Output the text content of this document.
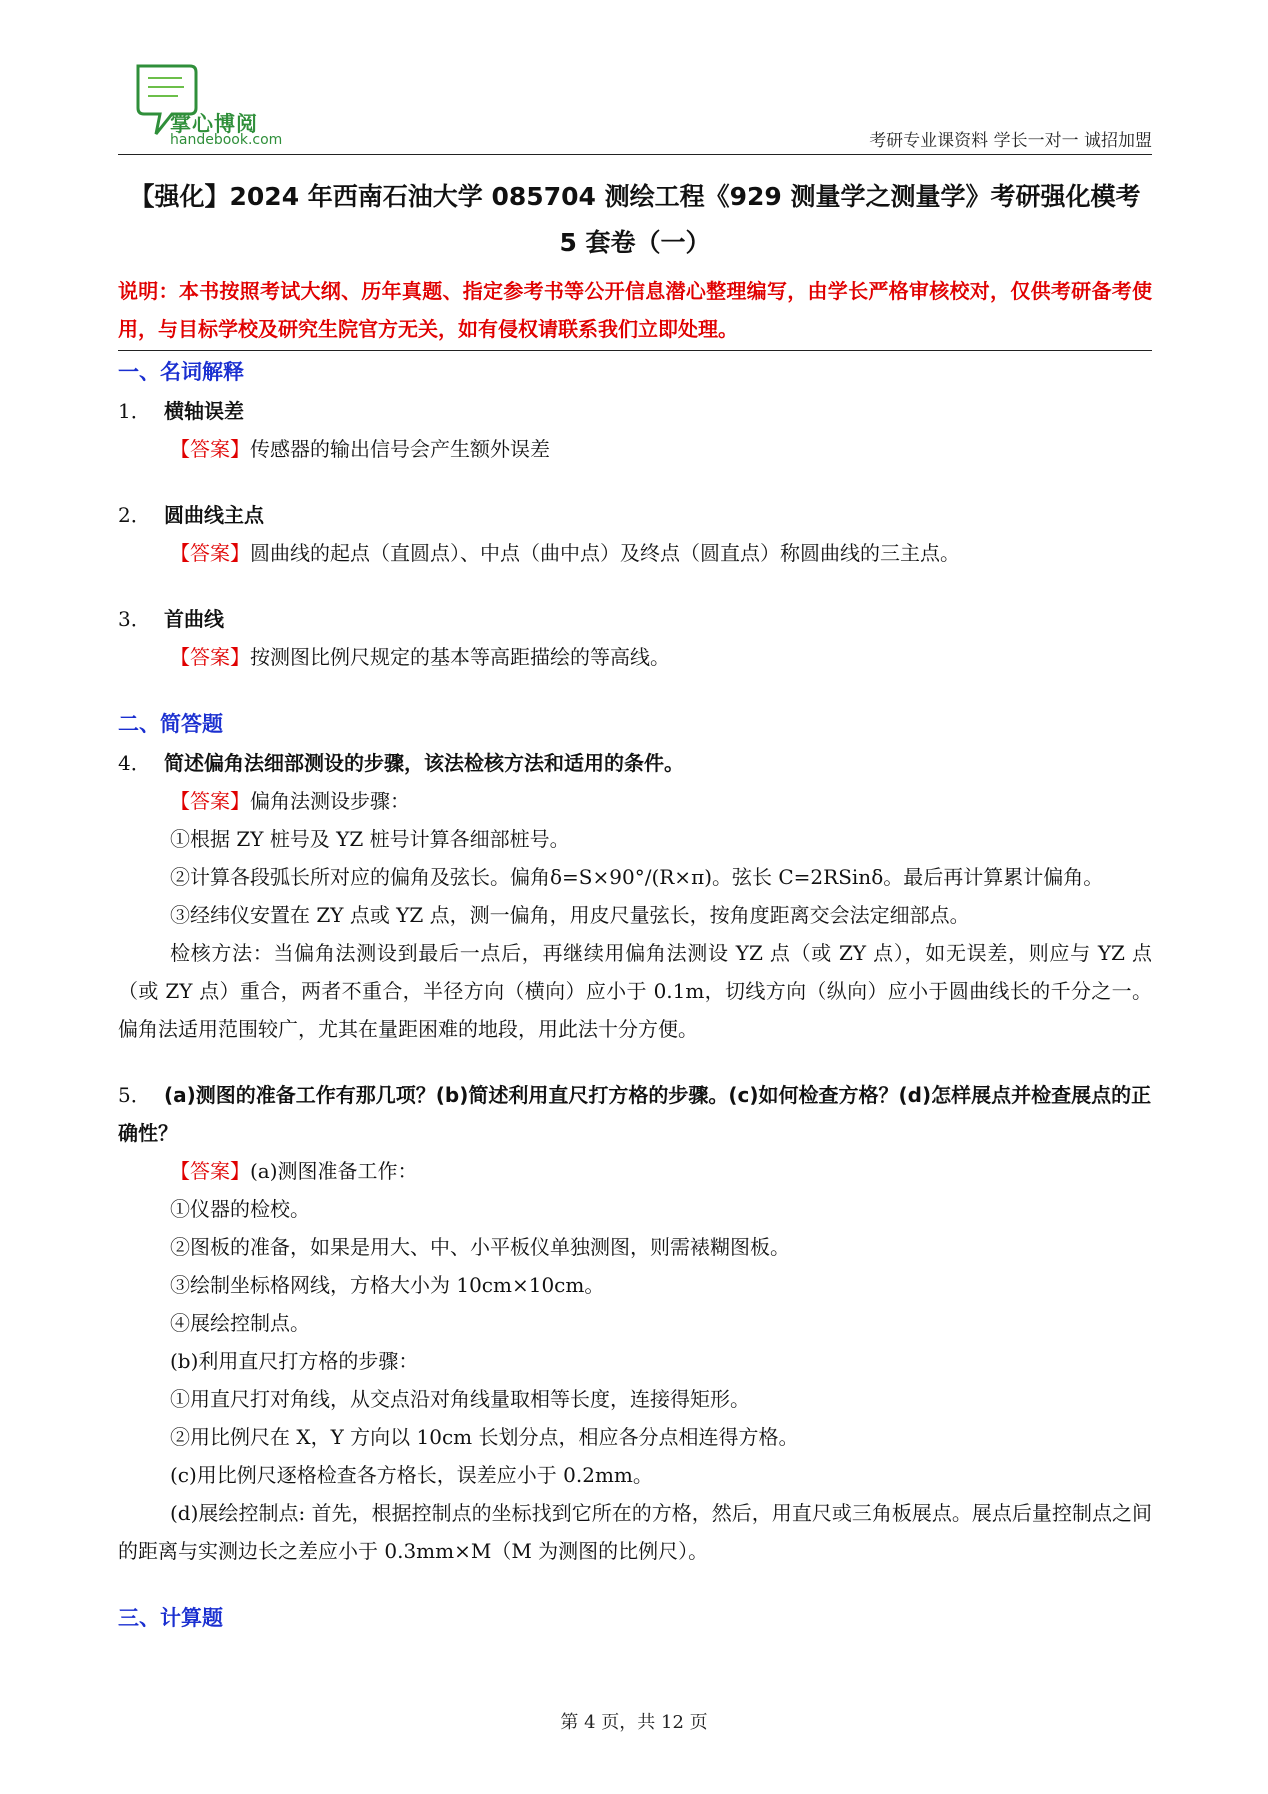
掌心博阅
handebook.com	考研专业课资料 学长一对一 诚招加盟
【强化】2024 年西南石油大学 085704 测绘工程《929 测量学之测量学》考研强化模考 5 套卷（一）
说明：本书按照考试大纲、历年真题、指定参考书等公开信息潜心整理编写，由学长严格审核校对，仅供考研备考使用，与目标学校及研究生院官方无关，如有侵权请联系我们立即处理。
一、名词解释
1． 横轴误差
【答案】传感器的输出信号会产生额外误差
2． 圆曲线主点
【答案】圆曲线的起点（直圆点）、中点（曲中点）及终点（圆直点）称圆曲线的三主点。
3． 首曲线
【答案】按测图比例尺规定的基本等高距描绘的等高线。
二、简答题
4． 简述偏角法细部测设的步骤，该法检核方法和适用的条件。
【答案】偏角法测设步骤：
①根据 ZY 桩号及 YZ 桩号计算各细部桩号。
②计算各段弧长所对应的偏角及弦长。偏角δ=S×90°/(R×π)。弦长 C=2RSinδ。最后再计算累计偏角。
③经纬仪安置在 ZY 点或 YZ 点，测一偏角，用皮尺量弦长，按角度距离交会法定细部点。
检核方法：当偏角法测设到最后一点后，再继续用偏角法测设 YZ 点（或 ZY 点），如无误差，则应与 YZ 点（或 ZY 点）重合，两者不重合，半径方向（横向）应小于 0.1m，切线方向（纵向）应小于圆曲线长的千分之一。偏角法适用范围较广，尤其在量距困难的地段，用此法十分方便。
5． (a)测图的准备工作有那几项？(b)简述利用直尺打方格的步骤。(c)如何检查方格？(d)怎样展点并检查展点的正确性？
【答案】(a)测图准备工作：
①仪器的检校。
②图板的准备，如果是用大、中、小平板仪单独测图，则需裱糊图板。
③绘制坐标格网线，方格大小为 10cm×10cm。
④展绘控制点。
(b)利用直尺打方格的步骤：
①用直尺打对角线，从交点沿对角线量取相等长度，连接得矩形。
②用比例尺在 X，Y 方向以 10cm 长划分点，相应各分点相连得方格。
(c)用比例尺逐格检查各方格长，误差应小于 0.2mm。
(d)展绘控制点: 首先，根据控制点的坐标找到它所在的方格，然后，用直尺或三角板展点。展点后量控制点之间的距离与实测边长之差应小于 0.3mm×M（M 为测图的比例尺）。
三、计算题
第 4 页，共 12 页
